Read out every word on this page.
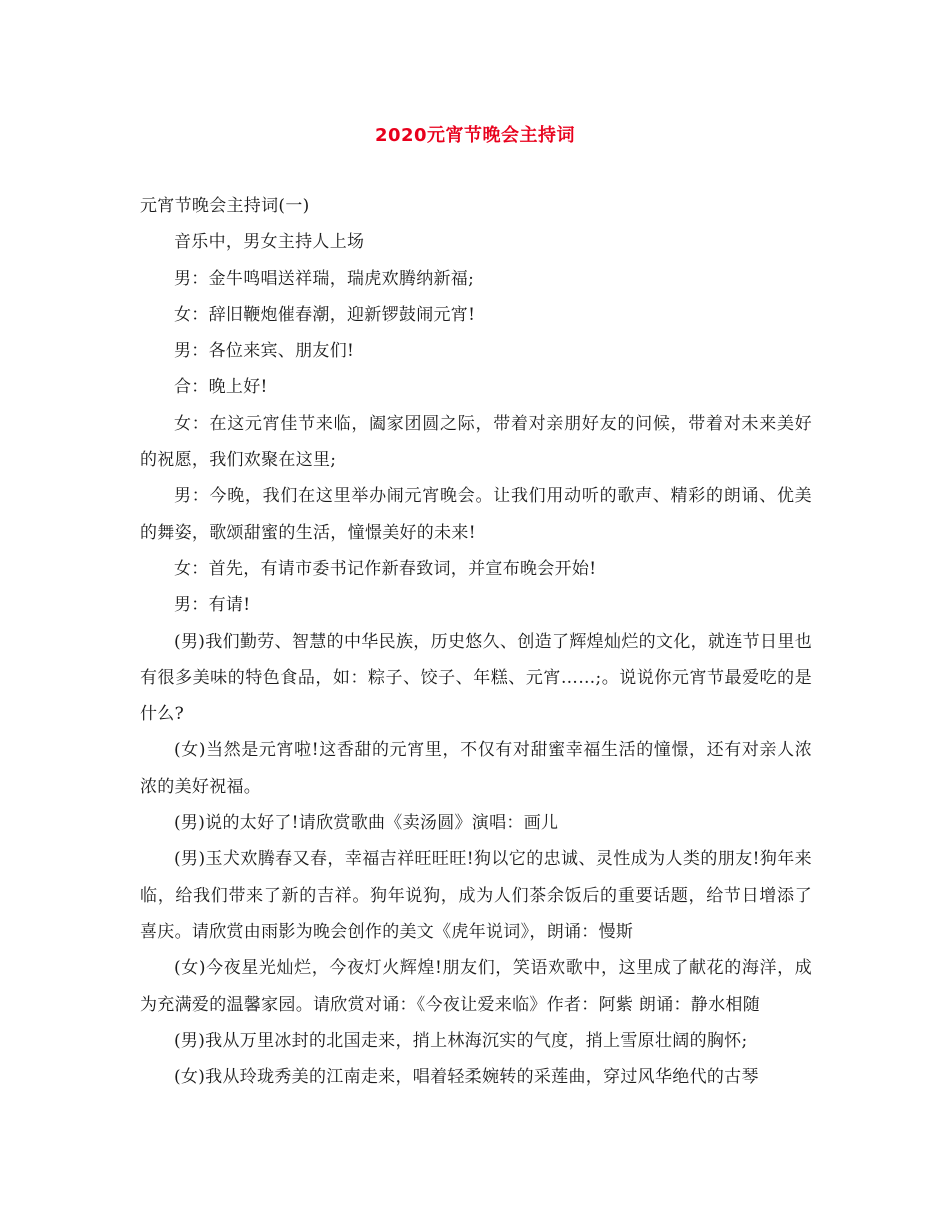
2020元宵节晚会主持词

元宵节晚会主持词(一)

音乐中，男女主持人上场

男：金牛鸣唱送祥瑞，瑞虎欢腾纳新福;

女：辞旧鞭炮催春潮，迎新锣鼓闹元宵!

男：各位来宾、朋友们!

合：晚上好!

女：在这元宵佳节来临，阖家团圆之际，带着对亲朋好友的问候，带着对未来美好的祝愿，我们欢聚在这里;

男：今晚，我们在这里举办闹元宵晚会。让我们用动听的歌声、精彩的朗诵、优美的舞姿，歌颂甜蜜的生活，憧憬美好的未来!

女：首先，有请市委书记作新春致词，并宣布晚会开始!

男：有请!

(男)我们勤劳、智慧的中华民族，历史悠久、创造了辉煌灿烂的文化，就连节日里也有很多美味的特色食品，如：粽子、饺子、年糕、元宵……;。说说你元宵节最爱吃的是什么?

(女)当然是元宵啦!这香甜的元宵里，不仅有对甜蜜幸福生活的憧憬，还有对亲人浓浓的美好祝福。

(男)说的太好了!请欣赏歌曲《卖汤圆》演唱：画儿

(男)玉犬欢腾春又春，幸福吉祥旺旺旺!狗以它的忠诚、灵性成为人类的朋友!狗年来临，给我们带来了新的吉祥。狗年说狗，成为人们茶余饭后的重要话题，给节日增添了喜庆。请欣赏由雨影为晚会创作的美文《虎年说词》，朗诵：慢斯

(女)今夜星光灿烂，今夜灯火辉煌!朋友们，笑语欢歌中，这里成了献花的海洋，成为充满爱的温馨家园。请欣赏对诵：《今夜让爱来临》作者：阿紫 朗诵：静水相随

(男)我从万里冰封的北国走来，捎上林海沉实的气度，捎上雪原壮阔的胸怀;

(女)我从玲珑秀美的江南走来，唱着轻柔婉转的采莲曲，穿过风华绝代的古琴
